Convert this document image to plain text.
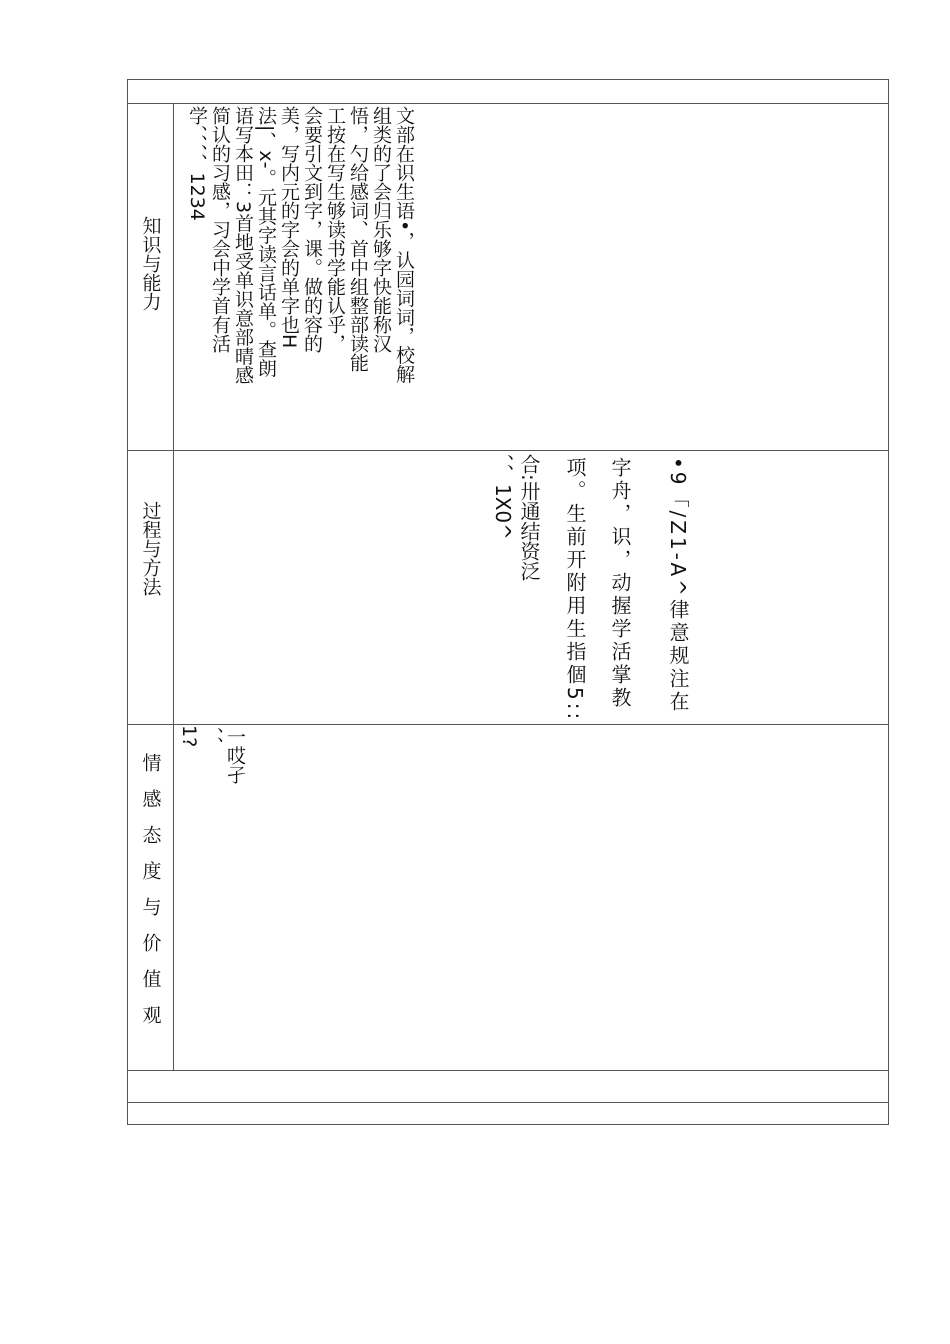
知识与能力	文部在识生语•，认园词词，校解
组类的了会归乐够字快能称汉
悟，勺给感词、首中组整部读能
工按在写生够读书学能认乎，
会要引文到字，课。做的容的
美，写内元的字会的单字也H
法|、x-。元其字读言话单。查朗
语写本田：3首地受单识意部晴感
简认的习感，习会中学首有活
学、、、、1234
过程与方法	•9「/Z1-A^律意规注在
字舟，识，动握学活掌教
项。生前开附用生指個5::
合:卅通结资泛
、、1X0^
情感态度与价值观	一哎孑
、、
1?
